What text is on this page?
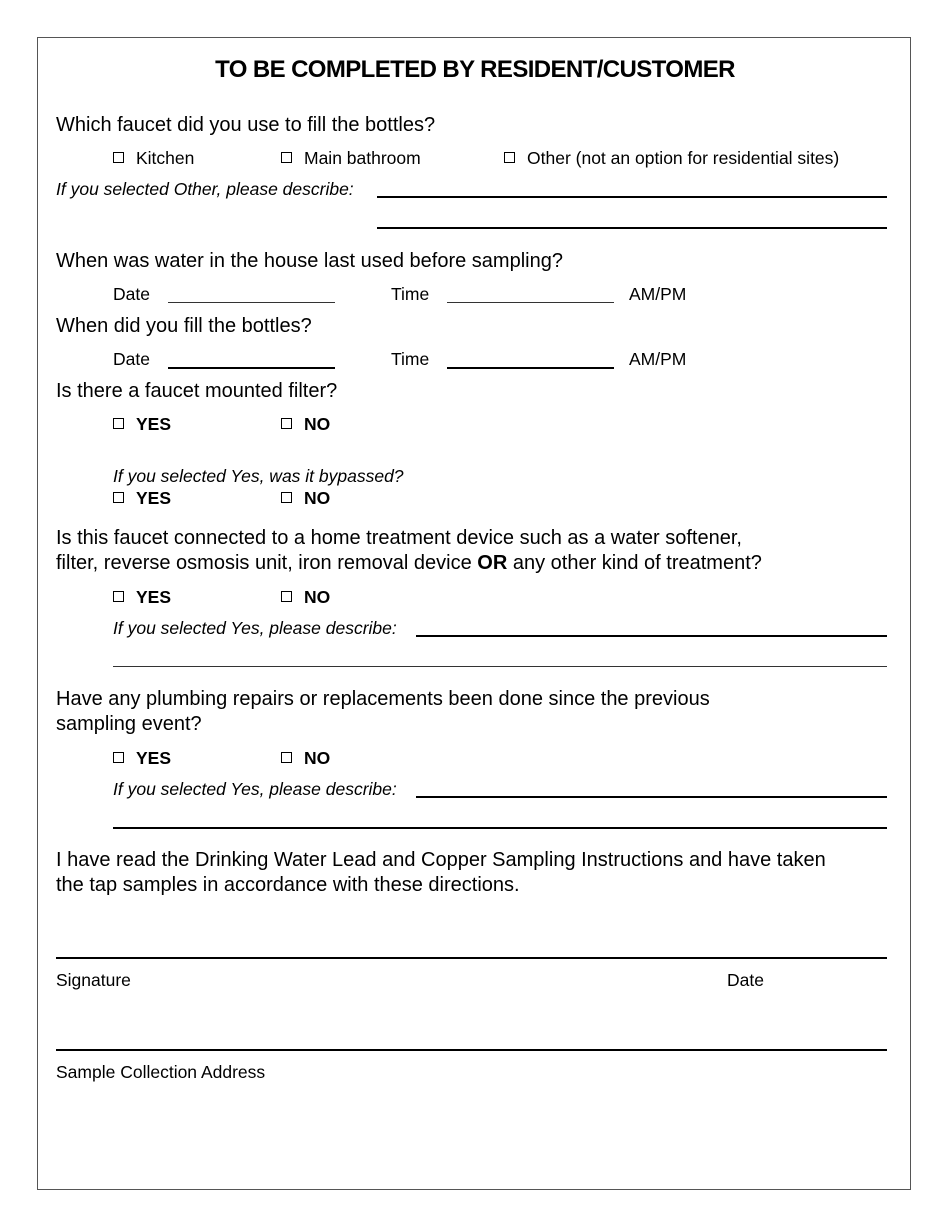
TO BE COMPLETED BY RESIDENT/CUSTOMER
Which faucet did you use to fill the bottles?
Kitchen	Main bathroom	Other (not an option for residential sites)
If you selected Other, please describe:
When was water in the house last used before sampling?
Date	Time	AM/PM
When did you fill the bottles?
Date	Time	AM/PM
Is there a faucet mounted filter?
YES	NO
If you selected Yes, was it bypassed?
YES	NO
Is this faucet connected to a home treatment device such as a water softener,
filter, reverse osmosis unit, iron removal device OR any other kind of treatment?
YES	NO
If you selected Yes, please describe:
Have any plumbing repairs or replacements been done since the previous
sampling event?
YES	NO
If you selected Yes, please describe:
I have read the Drinking Water Lead and Copper Sampling Instructions and have taken
the tap samples in accordance with these directions.
Signature	Date
Sample Collection Address
